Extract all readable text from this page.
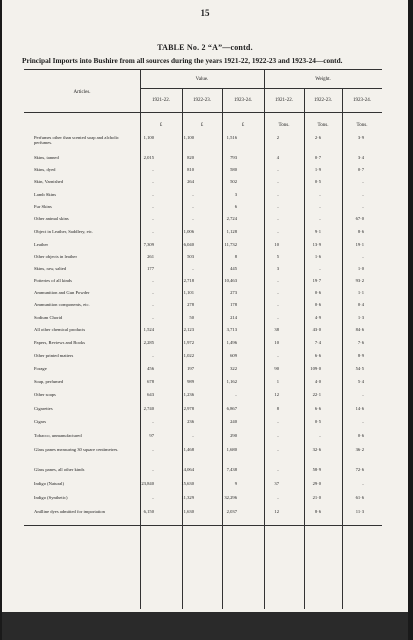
15
TABLE No. 2 “A”—contd.
Principal Imports into Bushire from all sources during the years 1921-22, 1922-23 and 1923-24—contd.
Articles.
Value.	Weight.
1921-22.	1922-23.	1923-24.	1921-22.	1922-23.	1923-24.
£	£	£	Tons.	Tons.	Tons.
Perfumes other than scented soap and alcholic perfumes.
1,100	1,100	1,516	2	2·6	3·9
Skins, tanned	2,015	820	793	4	0·7	3·4
Skins, dyed	..	810	580	..	1·9	0·7
Skin, Varnished	..	264	502	..	0·5	..
Lamb Skins	..	..	3	..	..	..
Fur Skins	..	..	6	..	..	..
Other animal skins	..	..	2,724	..	..	67·0
Object in Leather, Saddlery, etc.	..	1,006	1,128	..	9·1	8·6
Leather	7,309	6,040	11,732	10	13·9	19·1
Other objects in leather	261	503	8	5	1·6	..
Skins, raw, salted	177	..	445	3	..	1·0
Potteries of all kinds	..	2,718	10,463	..	19·7	93·2
Ammunition and Gun Powder	..	1,101	273	..	0·6	1·1
Ammunition components, etc.	..	278	178	..	0·6	0·4
Sodium Chorid	..	50	214	..	4·9	1·3
All other chemical products	1,524	2,123	3,713	38	43·0	84·6
Papers, Reviews and Books	2,285	1,972	1,496	10	7·4	7·6
Other printed matters	..	1,022	609	..	6·6	8·9
Forage	456	197	322	90	109·0	54·5
Soap, perfumed	678	989	1,162	1	4·0	5·4
Other soaps	643	1,236	..	12	22·1	..
Cigarettes	2,740	2,978	6,867	8	6·6	14·6
Cigars	..	236	240	..	0·5	..
Tobacco, unmanufactured	97	..	290	..	..	0·6
Glass panes measuring 30 square centimetres.	..	1,468	1,680	..	32·6	36·2
Glass panes, all other kinds	..	4,064	7,438	..	58·9	72·6
Indigo (Natural)	23,840	15,630	9	37	29·0	..
Indigo (Synthetic)	..	11,329	32,296	..	21·0	61·6
Anilline dyes admitted for importation	6,150	1,630	2,037	12	8·6	11·3
